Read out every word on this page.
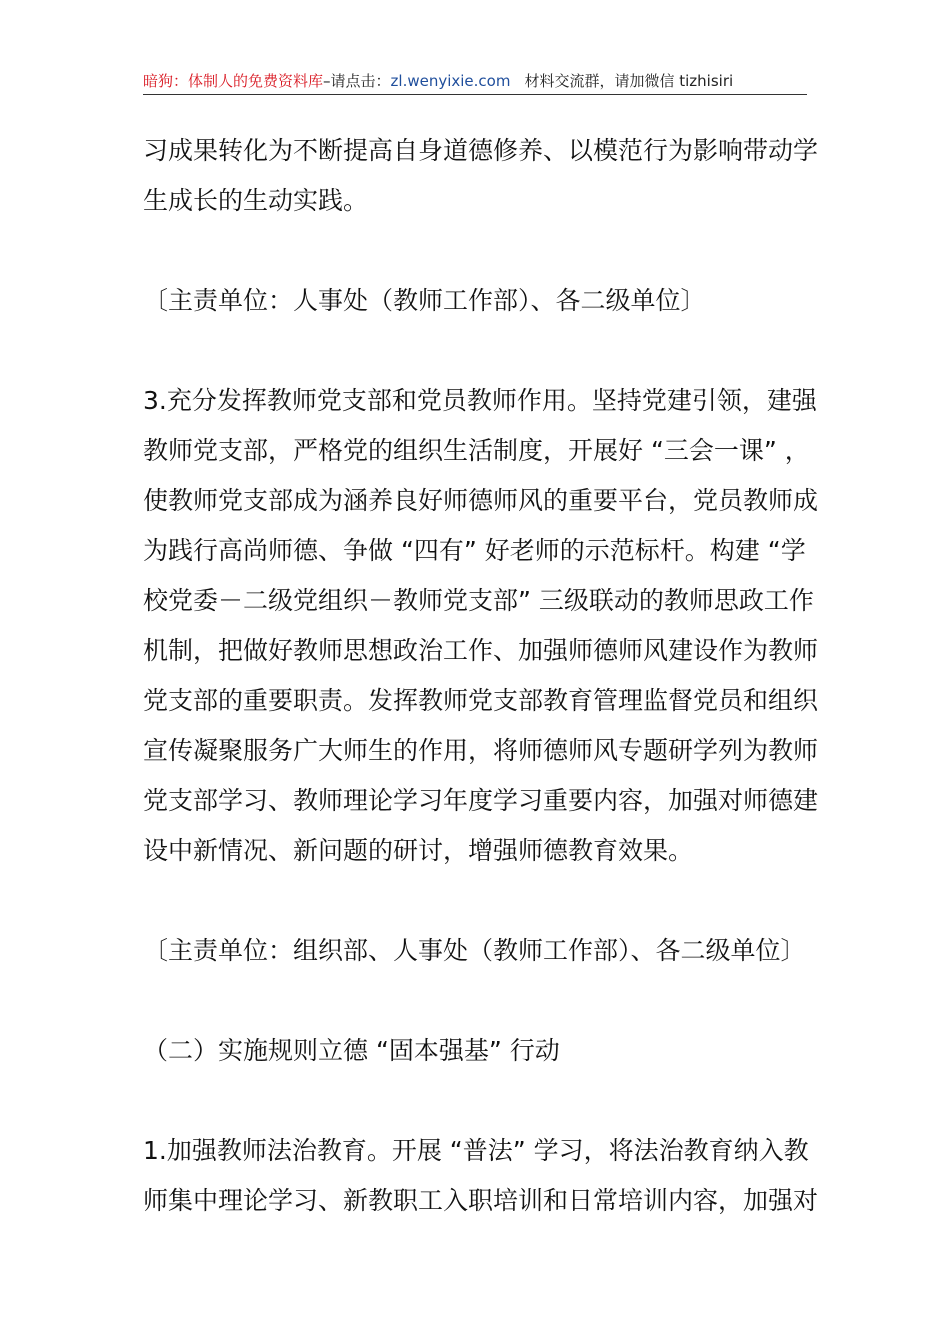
暗狗：体制人的免费资料库–请点击：zl.wenyixie.com 材料交流群，请加微信 tizhisiri

习成果转化为不断提高自身道德修养、以模范行为影响带动学
生成长的生动实践。

〔主责单位：人事处（教师工作部）、各二级单位〕

3.充分发挥教师党支部和党员教师作用。坚持党建引领，建强
教师党支部，严格党的组织生活制度，开展好 “三会一课” ，
使教师党支部成为涵养良好师德师风的重要平台，党员教师成
为践行高尚师德、争做 “四有” 好老师的示范标杆。构建 “学
校党委－二级党组织－教师党支部” 三级联动的教师思政工作
机制，把做好教师思想政治工作、加强师德师风建设作为教师
党支部的重要职责。发挥教师党支部教育管理监督党员和组织
宣传凝聚服务广大师生的作用，将师德师风专题研学列为教师
党支部学习、教师理论学习年度学习重要内容，加强对师德建
设中新情况、新问题的研讨，增强师德教育效果。

〔主责单位：组织部、人事处（教师工作部）、各二级单位〕

（二）实施规则立德 “固本强基” 行动

1.加强教师法治教育。开展 “普法” 学习，将法治教育纳入教
师集中理论学习、新教职工入职培训和日常培训内容，加强对
